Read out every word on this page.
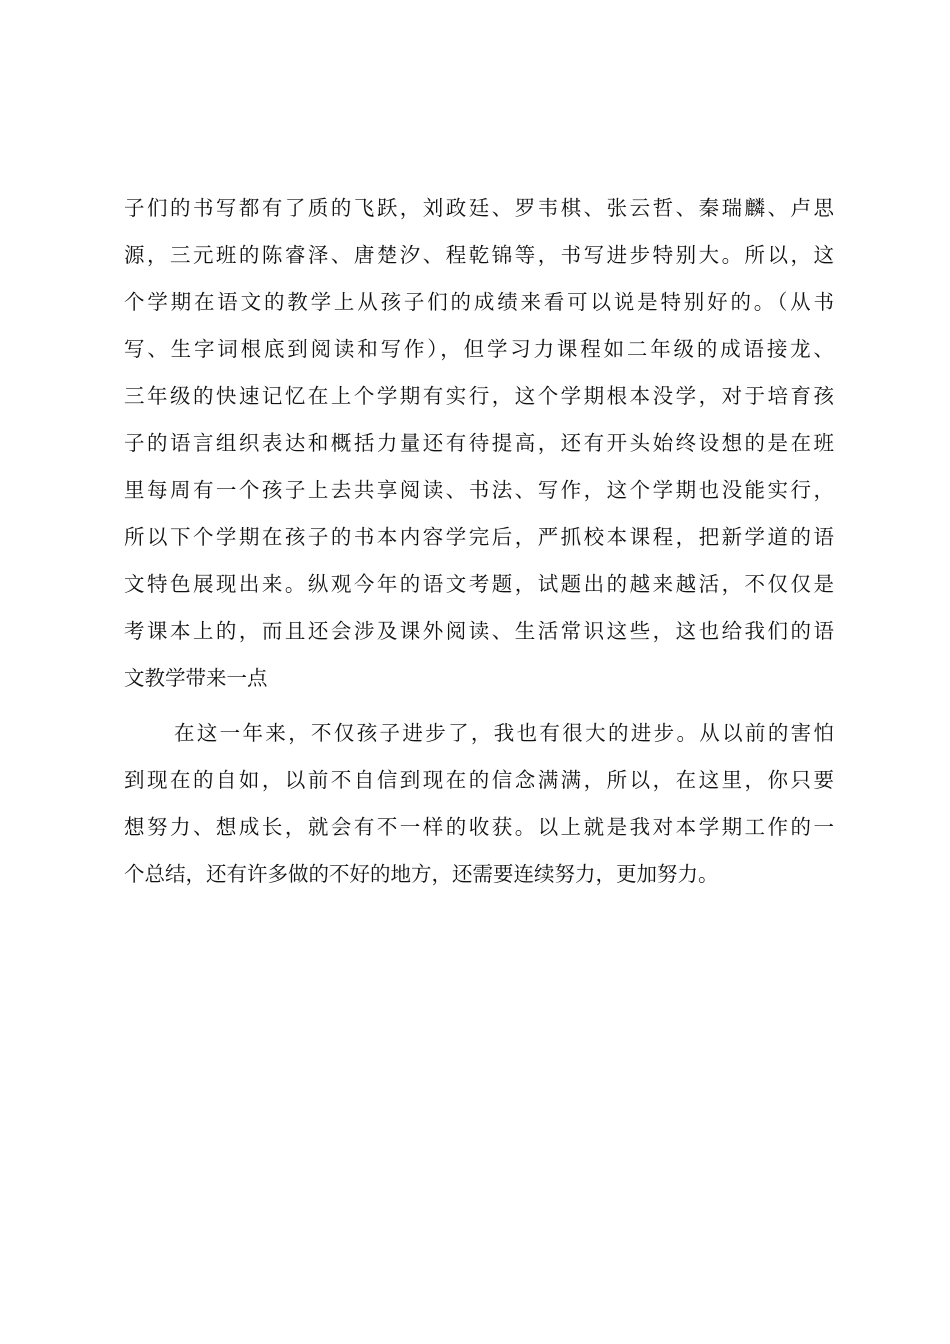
子们的书写都有了质的飞跃，刘政廷、罗韦棋、张云哲、秦瑞麟、卢思
源，三元班的陈睿泽、唐楚汐、程乾锦等，书写进步特别大。所以，这
个学期在语文的教学上从孩子们的成绩来看可以说是特别好的。（从书
写、生字词根底到阅读和写作），但学习力课程如二年级的成语接龙、
三年级的快速记忆在上个学期有实行，这个学期根本没学，对于培育孩
子的语言组织表达和概括力量还有待提高，还有开头始终设想的是在班
里每周有一个孩子上去共享阅读、书法、写作，这个学期也没能实行，
所以下个学期在孩子的书本内容学完后，严抓校本课程，把新学道的语
文特色展现出来。纵观今年的语文考题，试题出的越来越活，不仅仅是
考课本上的，而且还会涉及课外阅读、生活常识这些，这也给我们的语
文教学带来一点
在这一年来，不仅孩子进步了，我也有很大的进步。从以前的害怕
到现在的自如，以前不自信到现在的信念满满，所以，在这里，你只要
想努力、想成长，就会有不一样的收获。以上就是我对本学期工作的一
个总结，还有许多做的不好的地方，还需要连续努力，更加努力。
